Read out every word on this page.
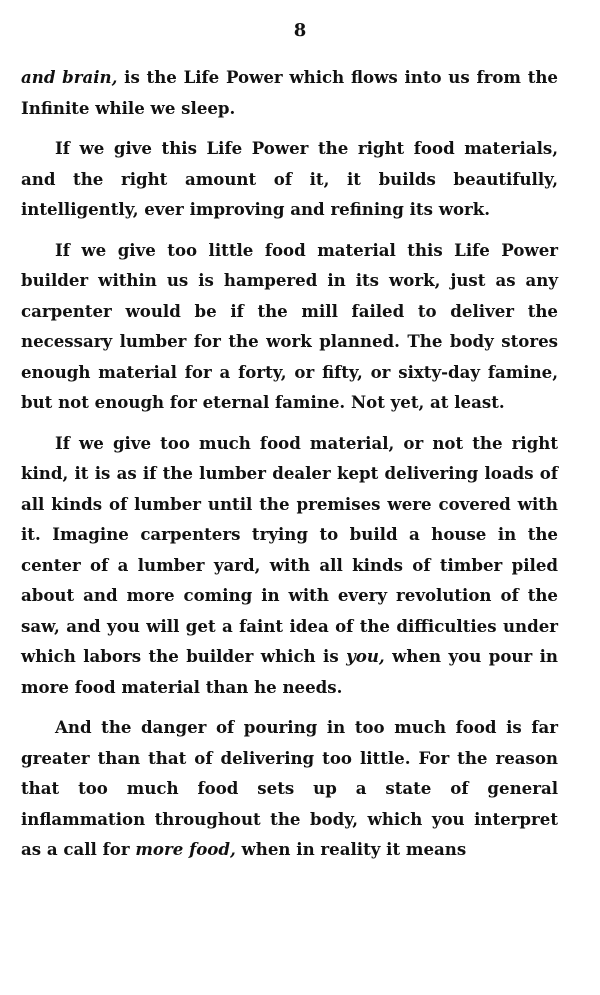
8

and brain, is the Life Power which flows into us from the Infinite while we sleep.

If we give this Life Power the right food materials, and the right amount of it, it builds beautifully, intelligently, ever improving and refining its work.

If we give too little food material this Life Power builder within us is hampered in its work, just as any carpenter would be if the mill failed to deliver the necessary lumber for the work planned. The body stores enough material for a forty, or fifty, or sixty-day famine, but not enough for eternal famine. Not yet, at least.

If we give too much food material, or not the right kind, it is as if the lumber dealer kept delivering loads of all kinds of lumber until the premises were covered with it. Imagine carpenters trying to build a house in the center of a lumber yard, with all kinds of timber piled about and more coming in with every revolution of the saw, and you will get a faint idea of the difficulties under which labors the builder which is you, when you pour in more food material than he needs.

And the danger of pouring in too much food is far greater than that of delivering too little. For the reason that too much food sets up a state of general inflammation throughout the body, which you interpret as a call for more food, when in reality it means
